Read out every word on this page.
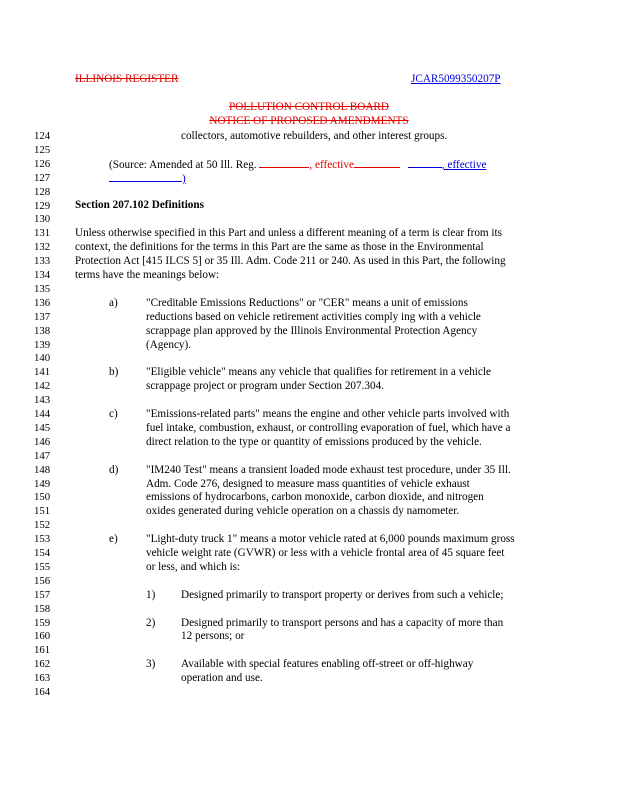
ILLINOIS REGISTER	JCAR5099350207P
POLLUTION CONTROL BOARD
NOTICE OF PROPOSED AMENDMENTS
124
125
126
127
128
129
130
131
132
133
134
135
136
137
138
139
140
141
142
143
144
145
146
147
148
149
150
151
152
153
154
155
156
157
158
159
160
161
162
163
164
collectors, automotive rebuilders, and other interest groups.
(Source: Amended at 50 Ill. Reg.	, effective	, effective
)
Section 207.102 Definitions
Unless otherwise specified in this Part and unless a different meaning of a term is clear from its
context, the definitions for the terms in this Part are the same as those in the Environmental
Protection Act [415 ILCS 5] or 35 Ill. Adm. Code 211 or 240. As used in this Part, the following
terms have the meanings below:
a)	"Creditable Emissions Reductions" or "CER" means a unit of emissions
reductions based on vehicle retirement activities comply ing with a vehicle
scrappage plan approved by the Illinois Environmental Protection Agency
(Agency).
b) "Eligible vehicle" means any vehicle that qualifies for retirement in a vehicle
scrappage project or program under Section 207.304.
c)	"Emissions-related parts" means the engine and other vehicle parts involved with
fuel intake, combustion, exhaust, or controlling evaporation of fuel, which have a
direct relation to the type or quantity of emissions produced by the vehicle.
d) "IM240 Test" means a transient loaded mode exhaust test procedure, under 35 Ill.
Adm. Code 276, designed to measure mass quantities of vehicle exhaust
emissions of hydrocarbons, carbon monoxide, carbon dioxide, and nitrogen
oxides generated during vehicle operation on a chassis dy namometer.
e)	"Light-duty truck 1" means a motor vehicle rated at 6,000 pounds maximum gross
vehicle weight rate (GVWR) or less with a vehicle frontal area of 45 square feet
or less, and which is:
1) Designed primarily to transport property or derives from such a vehicle;
2) Designed primarily to transport persons and has a capacity of more than
12 persons; or
3) Available with special features enabling off-street or off-highway
operation and use.
